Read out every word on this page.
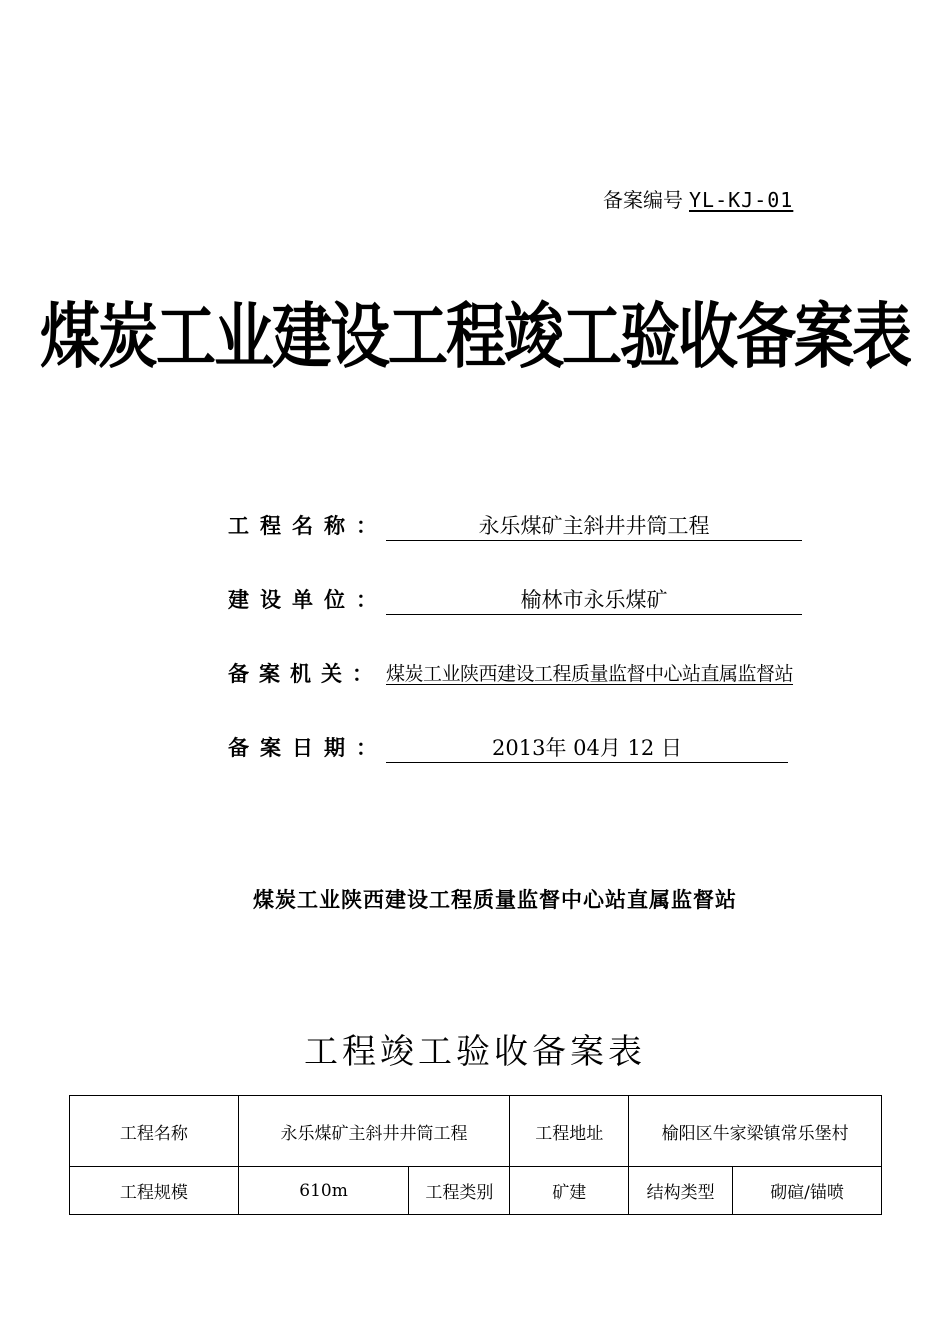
备案编号 YL-KJ-01
煤炭工业建设工程竣工验收备案表
工程名称：	永乐煤矿主斜井井筒工程
建设单位：	榆林市永乐煤矿
备案机关： 煤炭工业陕西建设工程质量监督中心站直属监督站
备案日期：	2013年 04月 12 日
煤炭工业陕西建设工程质量监督中心站直属监督站
工程竣工验收备案表
工程名称	永乐煤矿主斜井井筒工程		工程地址	榆阳区牛家梁镇常乐堡村	
工程规模	610m	工程类别	矿建	结构类型	砌碹/锚喷
